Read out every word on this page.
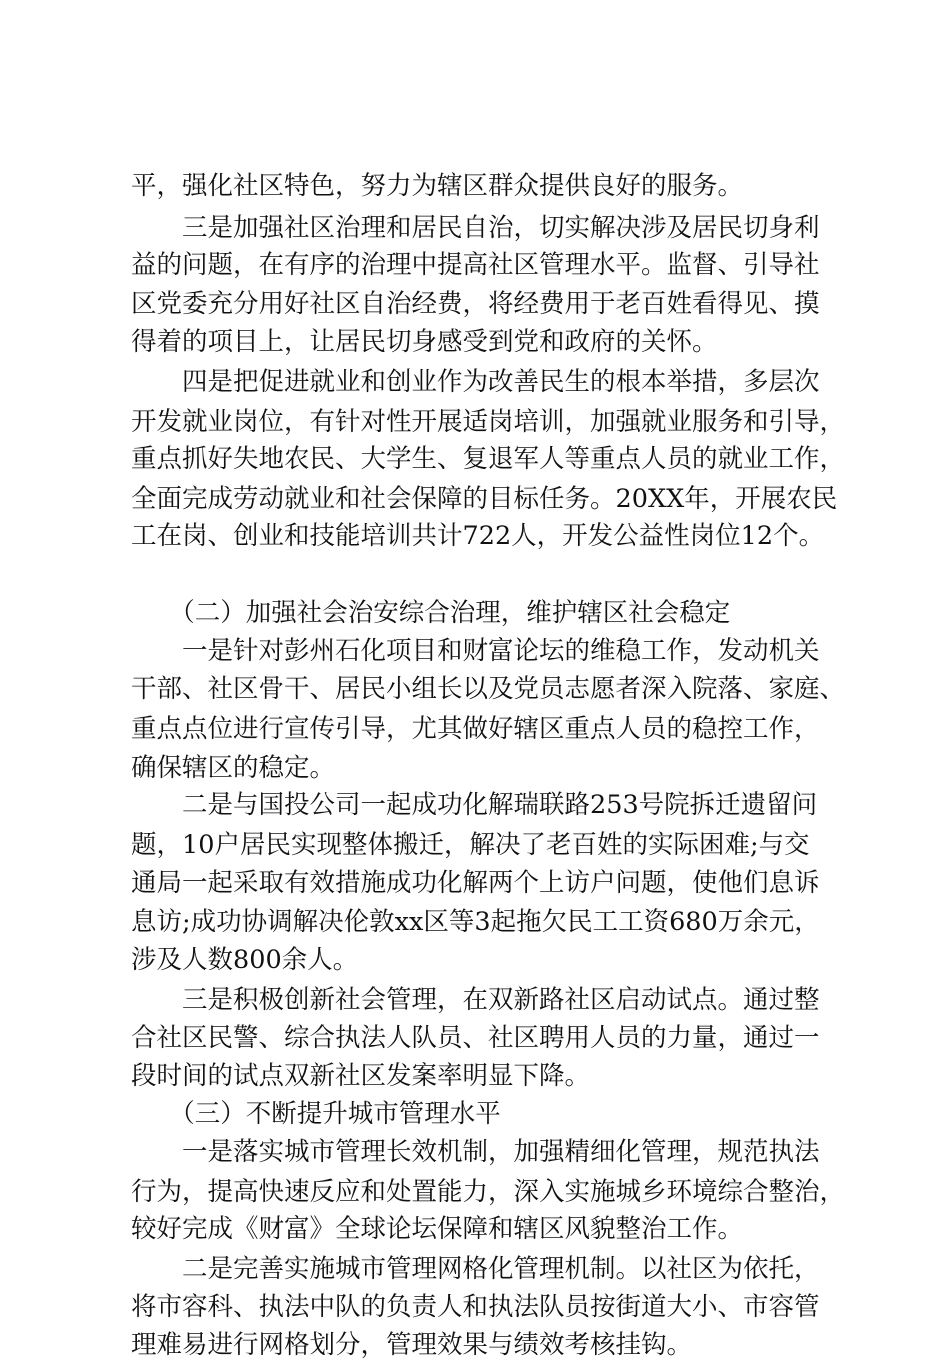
平，强化社区特色，努力为辖区群众提供良好的服务。
　　三是加强社区治理和居民自治，切实解决涉及居民切身利
益的问题，在有序的治理中提高社区管理水平。监督、引导社
区党委充分用好社区自治经费，将经费用于老百姓看得见、摸
得着的项目上，让居民切身感受到党和政府的关怀。
　　四是把促进就业和创业作为改善民生的根本举措，多层次
开发就业岗位，有针对性开展适岗培训，加强就业服务和引导，
重点抓好失地农民、大学生、复退军人等重点人员的就业工作，
全面完成劳动就业和社会保障的目标任务。20XX年，开展农民
工在岗、创业和技能培训共计722人，开发公益性岗位12个。
　　（二）加强社会治安综合治理，维护辖区社会稳定
　　一是针对彭州石化项目和财富论坛的维稳工作，发动机关
干部、社区骨干、居民小组长以及党员志愿者深入院落、家庭、
重点点位进行宣传引导，尤其做好辖区重点人员的稳控工作，
确保辖区的稳定。
　　二是与国投公司一起成功化解瑞联路253号院拆迁遗留问
题，10户居民实现整体搬迁，解决了老百姓的实际困难;与交
通局一起采取有效措施成功化解两个上访户问题，使他们息诉
息访;成功协调解决伦敦xx区等3起拖欠民工工资680万余元，
涉及人数800余人。
　　三是积极创新社会管理，在双新路社区启动试点。通过整
合社区民警、综合执法人队员、社区聘用人员的力量，通过一
段时间的试点双新社区发案率明显下降。
　　（三）不断提升城市管理水平
　　一是落实城市管理长效机制，加强精细化管理，规范执法
行为，提高快速反应和处置能力，深入实施城乡环境综合整治，
较好完成《财富》全球论坛保障和辖区风貌整治工作。
　　二是完善实施城市管理网格化管理机制。以社区为依托，
将市容科、执法中队的负责人和执法队员按街道大小、市容管
理难易进行网格划分，管理效果与绩效考核挂钩。
